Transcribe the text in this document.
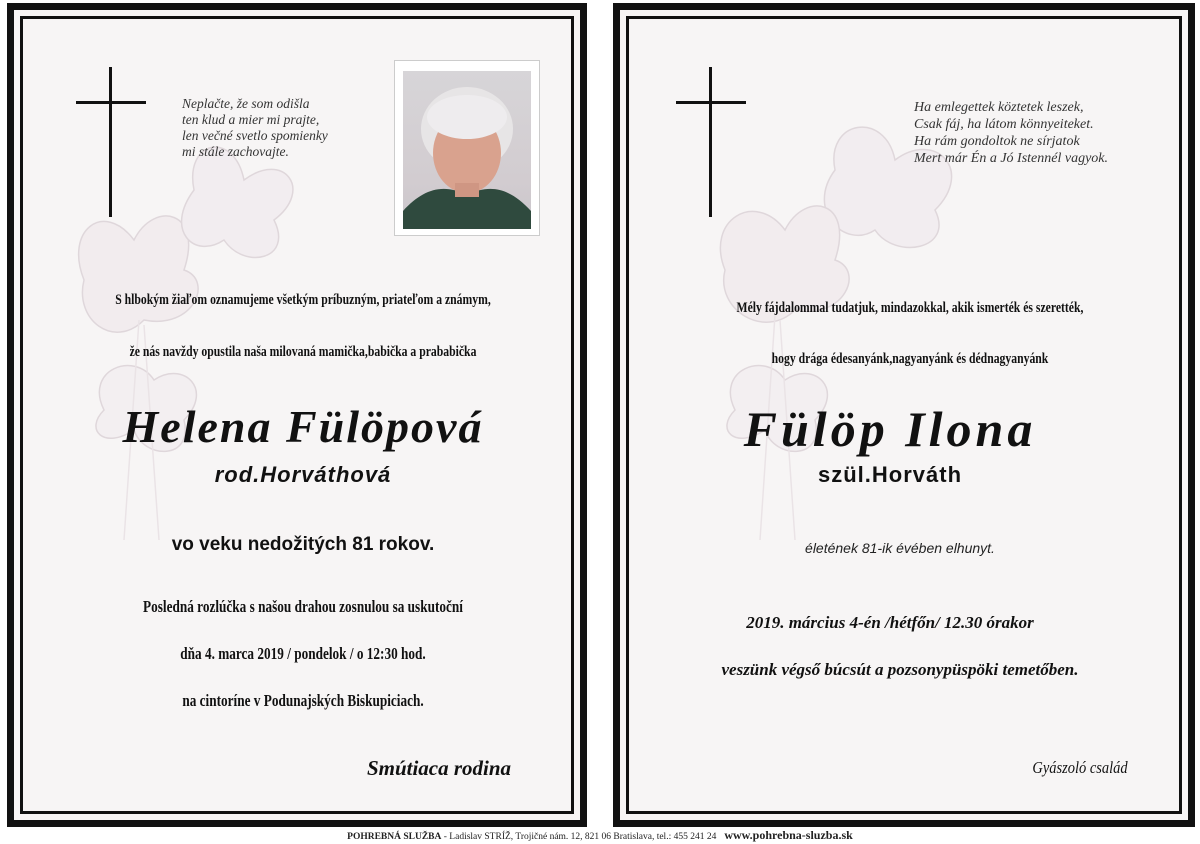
Neplačte, že som odišla
ten klud a mier mi prajte,
len večné svetlo spomienky
mi stále zachovajte.
S hlbokým žiaľom oznamujeme všetkým príbuzným, priateľom a známym,
že nás navždy opustila naša milovaná mamička,babička a prababička
Helena Fülöpová
rod.Horváthová
vo veku nedožitých 81 rokov.
Posledná rozlúčka s našou drahou zosnulou sa uskutoční
dňa 4. marca 2019 / pondelok / o 12:30 hod.
na cintoríne v Podunajských Biskupiciach.
Smútiaca rodina
Ha emlegettek köztetek leszek,
Csak fáj, ha látom könnyeiteket.
Ha rám gondoltok ne sírjatok
Mert már Én a Jó Istennél vagyok.
Mély fájdalommal tudatjuk, mindazokkal, akik ismerték és szerették,
hogy drága édesanyánk,nagyanyánk és dédnagyanyánk
Fülöp Ilona
szül.Horváth
életének 81-ik évében elhunyt.
2019. március 4-én /hétfőn/ 12.30 órakor
veszünk végső búcsút a pozsonypüspöki temetőben.
Gyászoló család
POHREBNÁ SLUŽBA - Ladislav STRÍŽ, Trojičné nám. 12, 821 06 Bratislava, tel.: 455 241 24 www.pohrebna-sluzba.sk
